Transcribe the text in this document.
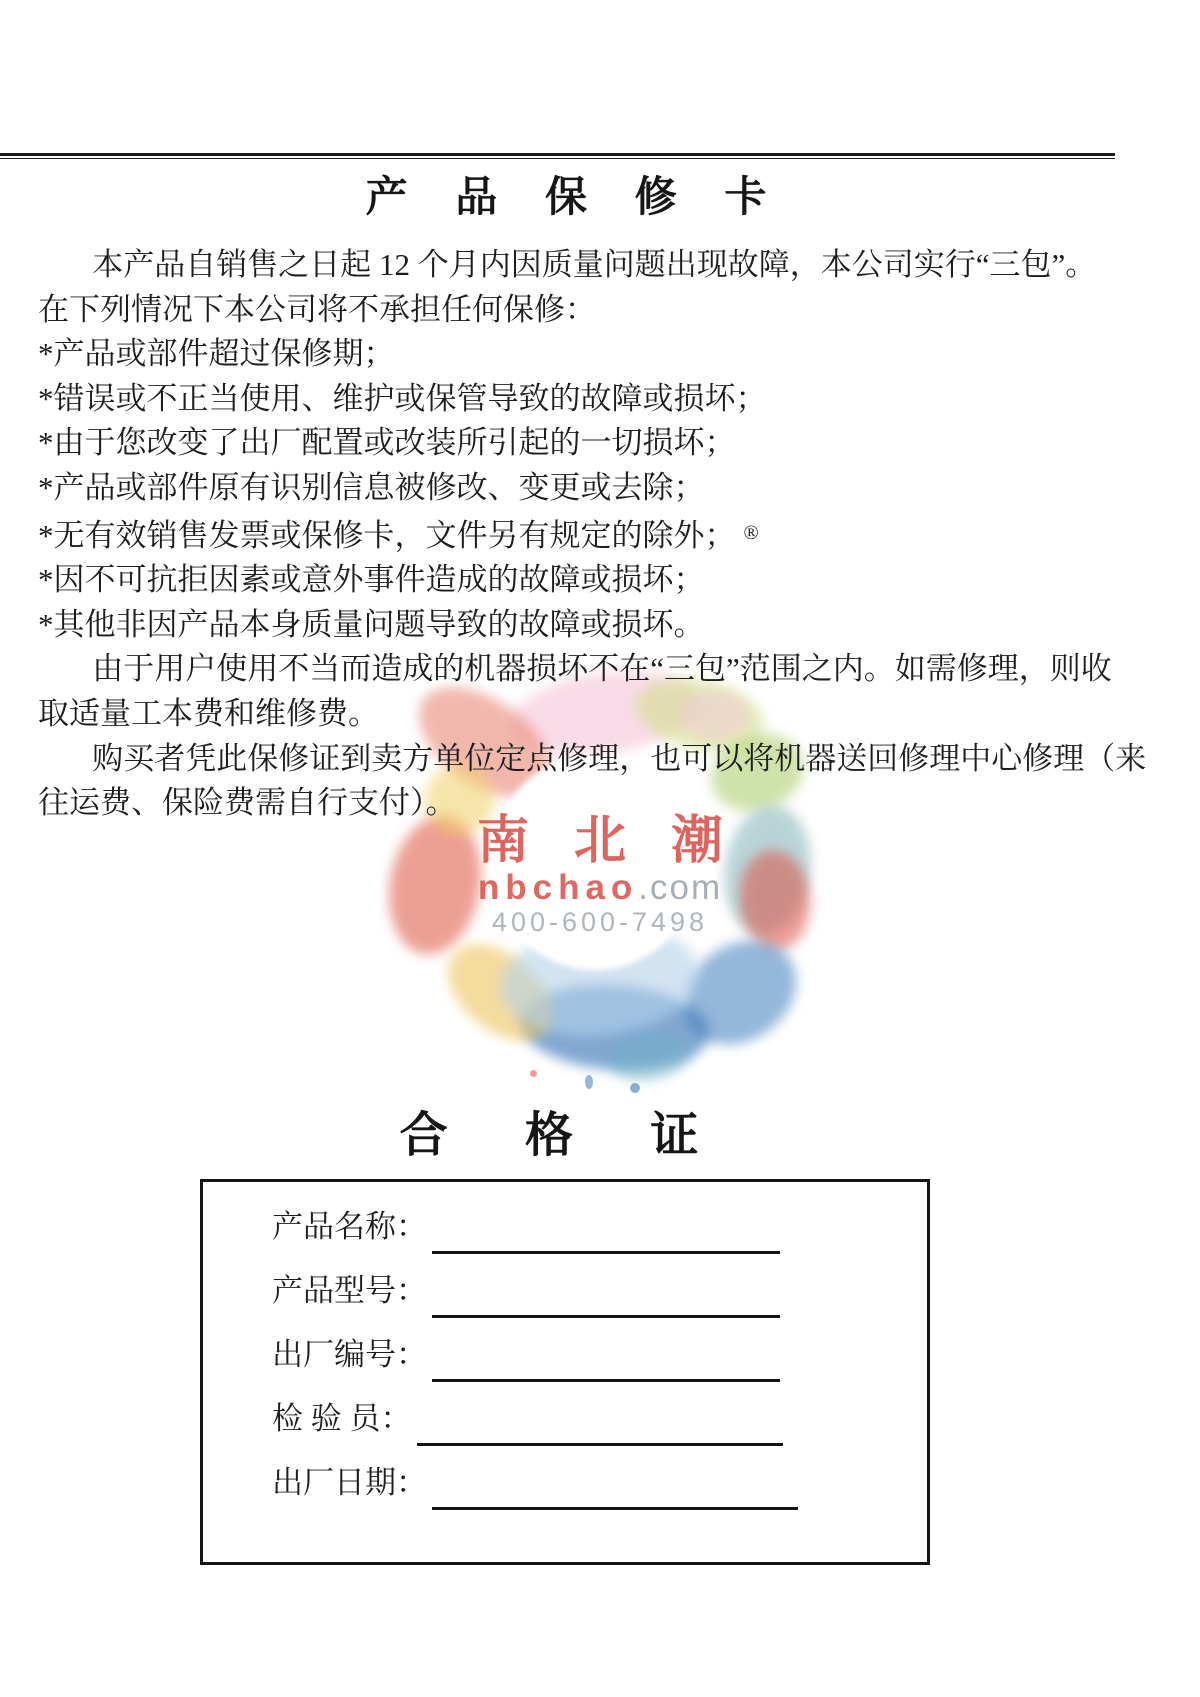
产 品 保 修 卡
南 北 潮
nbchao.com
400-600-7498
本产品自销售之日起 12 个月内因质量问题出现故障，本公司实行“三包”。
在下列情况下本公司将不承担任何保修：
*产品或部件超过保修期；
*错误或不正当使用、维护或保管导致的故障或损坏；
*由于您改变了出厂配置或改装所引起的一切损坏；
*产品或部件原有识别信息被修改、变更或去除；
*无有效销售发票或保修卡，文件另有规定的除外； ®
*因不可抗拒因素或意外事件造成的故障或损坏；
*其他非因产品本身质量问题导致的故障或损坏。
由于用户使用不当而造成的机器损坏不在“三包”范围之内。如需修理，则收
取适量工本费和维修费。
购买者凭此保修证到卖方单位定点修理，也可以将机器送回修理中心修理（来
往运费、保险费需自行支付）。
合 格 证
产品名称：
产品型号：
出厂编号：
检 验 员：
出厂日期：
